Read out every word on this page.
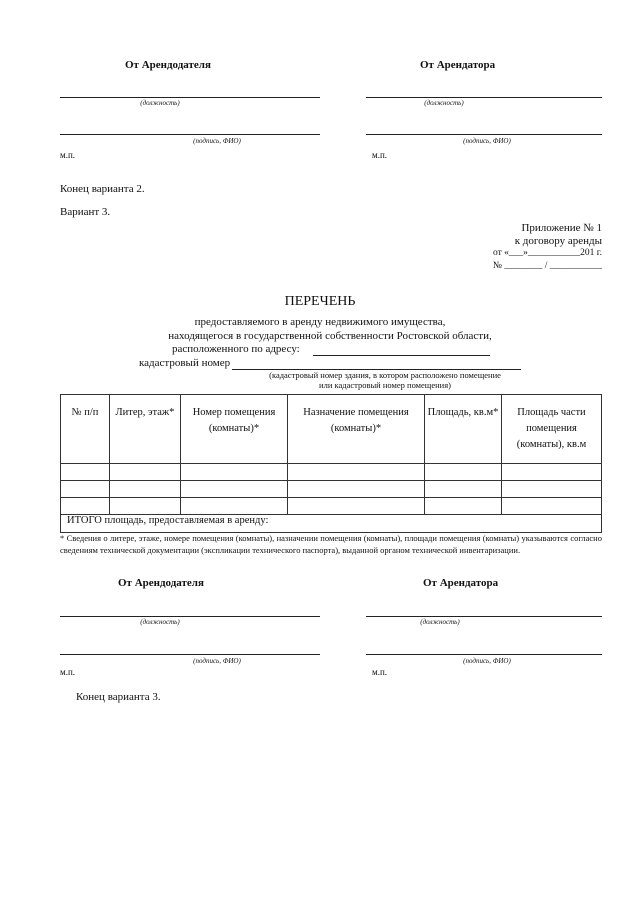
От Арендодателя	От Арендатора
(должность)	(должность)
(подпись, ФИО)	(подпись, ФИО)
м.п.	м.п.
Конец варианта 2.
Вариант 3.
Приложение № 1
к договору аренды
от «___»___________201 г.
№ ________ / ___________
ПЕРЕЧЕНЬ
предоставляемого в аренду недвижимого имущества,
находящегося в государственной собственности Ростовской области,
расположенного по адресу:
кадастровый номер
(кадастровый номер здания, в котором расположено помещение
или кадастровый номер помещения)
№ п/п	Литер, этаж*	Номер помещения (комнаты)*	Назначение помещения (комнаты)*	Площадь, кв.м*	Площадь части помещения (комнаты), кв.м

ИТОГО площадь, предоставляемая в аренду:					
* Сведения о литере, этаже, номере помещения (комнаты), назначении помещения (комнаты), площади помещения (комнаты) указываются согласно сведениям технической документации (экспликации технического паспорта), выданной органом технической инвентаризации.
От Арендодателя	От Арендатора
(должность)	(должность)
(подпись, ФИО)	(подпись, ФИО)
м.п.	м.п.
Конец варианта 3.
